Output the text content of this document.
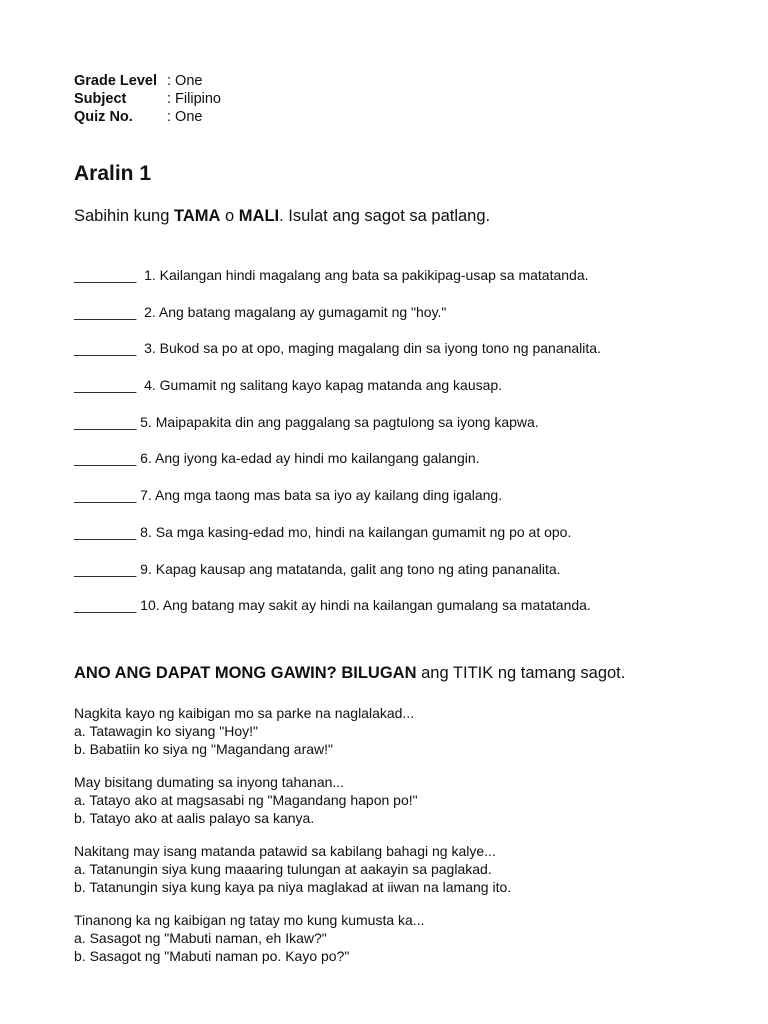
Grade Level : One
Subject	: Filipino
Quiz No.	: One
Aralin 1
Sabihin kung TAMA o MALI. Isulat ang sagot sa patlang.
________  1. Kailangan hindi magalang ang bata sa pakikipag-usap sa matatanda.
________  2. Ang batang magalang ay gumagamit ng "hoy."
________  3. Bukod sa po at opo, maging magalang din sa iyong tono ng pananalita.
________  4. Gumamit ng salitang kayo kapag matanda ang kausap.
________ 5. Maipapakita din ang paggalang sa pagtulong sa iyong kapwa.
________ 6. Ang iyong ka-edad ay hindi mo kailangang galangin.
________ 7. Ang mga taong mas bata sa iyo ay kailang ding igalang.
________ 8. Sa mga kasing-edad mo, hindi na kailangan gumamit ng po at opo.
________ 9. Kapag kausap ang matatanda, galit ang tono ng ating pananalita.
________ 10. Ang batang may sakit ay hindi na kailangan gumalang sa matatanda.
ANO ANG DAPAT MONG GAWIN? BILUGAN ang TITIK ng tamang sagot.
Nagkita kayo ng kaibigan mo sa parke na naglalakad...
a. Tatawagin ko siyang "Hoy!"
b. Babatiin ko siya ng "Magandang araw!"
May bisitang dumating sa inyong tahanan...
a. Tatayo ako at magsasabi ng "Magandang hapon po!"
b. Tatayo ako at aalis palayo sa kanya.
Nakitang may isang matanda patawid sa kabilang bahagi ng kalye...
a. Tatanungin siya kung maaaring tulungan at aakayin sa paglakad.
b. Tatanungin siya kung kaya pa niya maglakad at iiwan na lamang ito.
Tinanong ka ng kaibigan ng tatay mo kung kumusta ka...
a. Sasagot ng "Mabuti naman, eh Ikaw?"
b. Sasagot ng "Mabuti naman po. Kayo po?"
